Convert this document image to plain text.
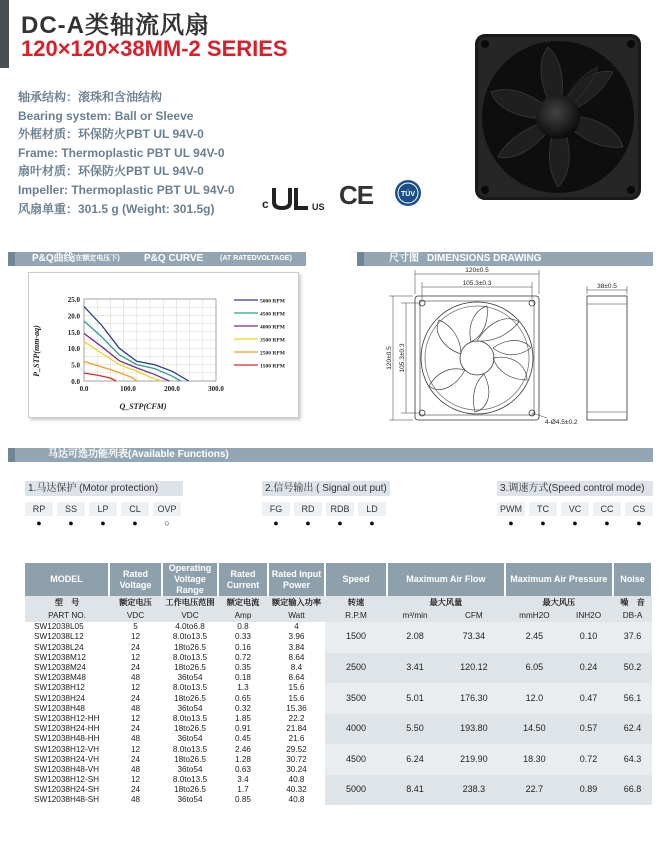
DC-A类轴流风扇
120×120×38MM-2 SERIES
轴承结构：滚珠和含油结构
Bearing system: Ball or Sleeve
外框材质：环保防火PBT UL 94V-0
Frame: Thermoplastic PBT UL 94V-0
扇叶材质：环保防火PBT UL 94V-0
Impeller: Thermoplastic PBT UL 94V-0
风扇单重：301.5 g (Weight: 301.5g)	c	US CE	TÜV
P&Q曲线 (在额定电压下) P&Q CURVE (AT RATEDVOLTAGE)	尺寸图 DIMENSIONS DRAWING
0.0
5.0
10.0
15.0
20.0
25.0
0.0	100.0	200.0	300.0
5000 RPM
4500 RPM
4000 RPM
3500 RPM
2500 RPM
1500 RPM
P_STP(mm-aq)
Q_STP(CFM)
120±0.5
105.3±0.3
120±0.5 105.3±0.3
4-Ø4.5±0.2
38±0.5
马达可选功能列表(Available Functions)
1.马达保护 (Motor protection)
RP
●
SS
●
LP
●
CL
●
OVP
○
2.信号输出 ( Signal out put)
FG
●
RD
●
RDB
●
LD
●
3.调速方式(Speed control mode)
PWM
●
TC
●
VC
●
CC
●
CS
●
MODEL	Rated Voltage	Operating Voltage Range	Rated Current	Rated Input Power	Speed	Maximum Air Flow		Maximum Air Pressure		Noise
型　号	额定电压	工作电压范围	额定电流	额定输入功率	转速	最大风量		最大风压		噪　音
PART NO.	VDC	VDC	Amp	Watt	R.P.M	m³/min	CFM	mmH2O	INH2O	DB-A
SW12038L05	5	4.0to6.8	0.8	4	1500	2.08	73.34	2.45	0.10	37.6
SW12038L12	12	8.0to13.5	0.33	3.96						
SW12038L24	24	18to26.5	0.16	3.84						
SW12038M12	12	8.0to13.5	0.72	8.64	2500	3.41	120.12	6.05	0.24	50.2
SW12038M24	24	18to26.5	0.35	8.4						
SW12038M48	48	36to54	0.18	8.64						
SW12038H12	12	8.0to13.5	1.3	15.6	3500	5.01	176.30	12.0	0.47	56.1
SW12038H24	24	18to26.5	0.65	15.6						
SW12038H48	48	36to54	0.32	15.36						
SW12038H12-HH	12	8.0to13.5	1.85	22.2	4000	5.50	193.80	14.50	0.57	62.4
SW12038H24-HH	24	18to26.5	0.91	21.84						
SW12038H48-HH	48	36to54	0.45	21.6						
SW12038H12-VH	12	8.0to13.5	2.46	29.52	4500	6.24	219.90	18.30	0.72	64.3
SW12038H24-VH	24	18to26.5	1.28	30.72						
SW12038H48-VH	48	36to54	0.63	30.24						
SW12038H12-SH	12	8.0to13.5	3.4	40.8	5000	8.41	238.3	22.7	0.89	66.8
SW12038H24-SH	24	18to26.5	1.7	40.32						
SW12038H48-SH	48	36to54	0.85	40.8						
